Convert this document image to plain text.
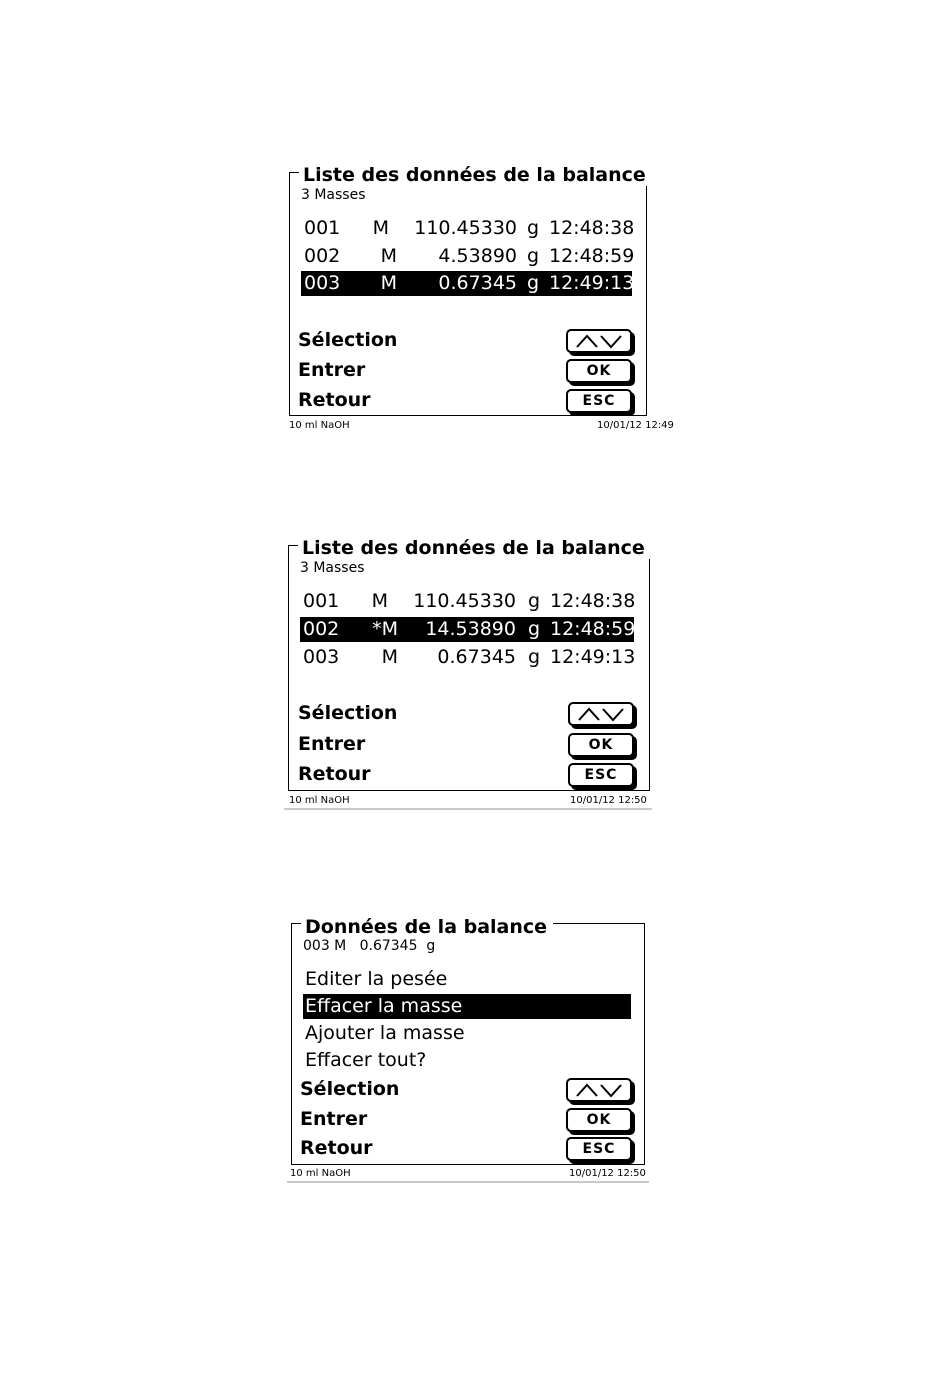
Liste des données de la balance
3 Masses
001	M	110.45330 g 12:48:38
002	M	4.53890 g 12:48:59
003	M	0.67345 g 12:49:13
Sélection
Entrer	OK
Retour	ESC
10 ml NaOH	10/01/12 12:49
Liste des données de la balance
3 Masses
001	M	110.45330 g 12:48:38
002	*M	14.53890 g 12:48:59
003	M	0.67345 g 12:49:13
Sélection
Entrer	OK
Retour	ESC
10 ml NaOH	10/01/12 12:50
Données de la balance
003 M   0.67345  g
Editer la pesée
Effacer la masse
Ajouter la masse
Effacer tout?
Sélection
Entrer	OK
Retour	ESC
10 ml NaOH	10/01/12 12:50
